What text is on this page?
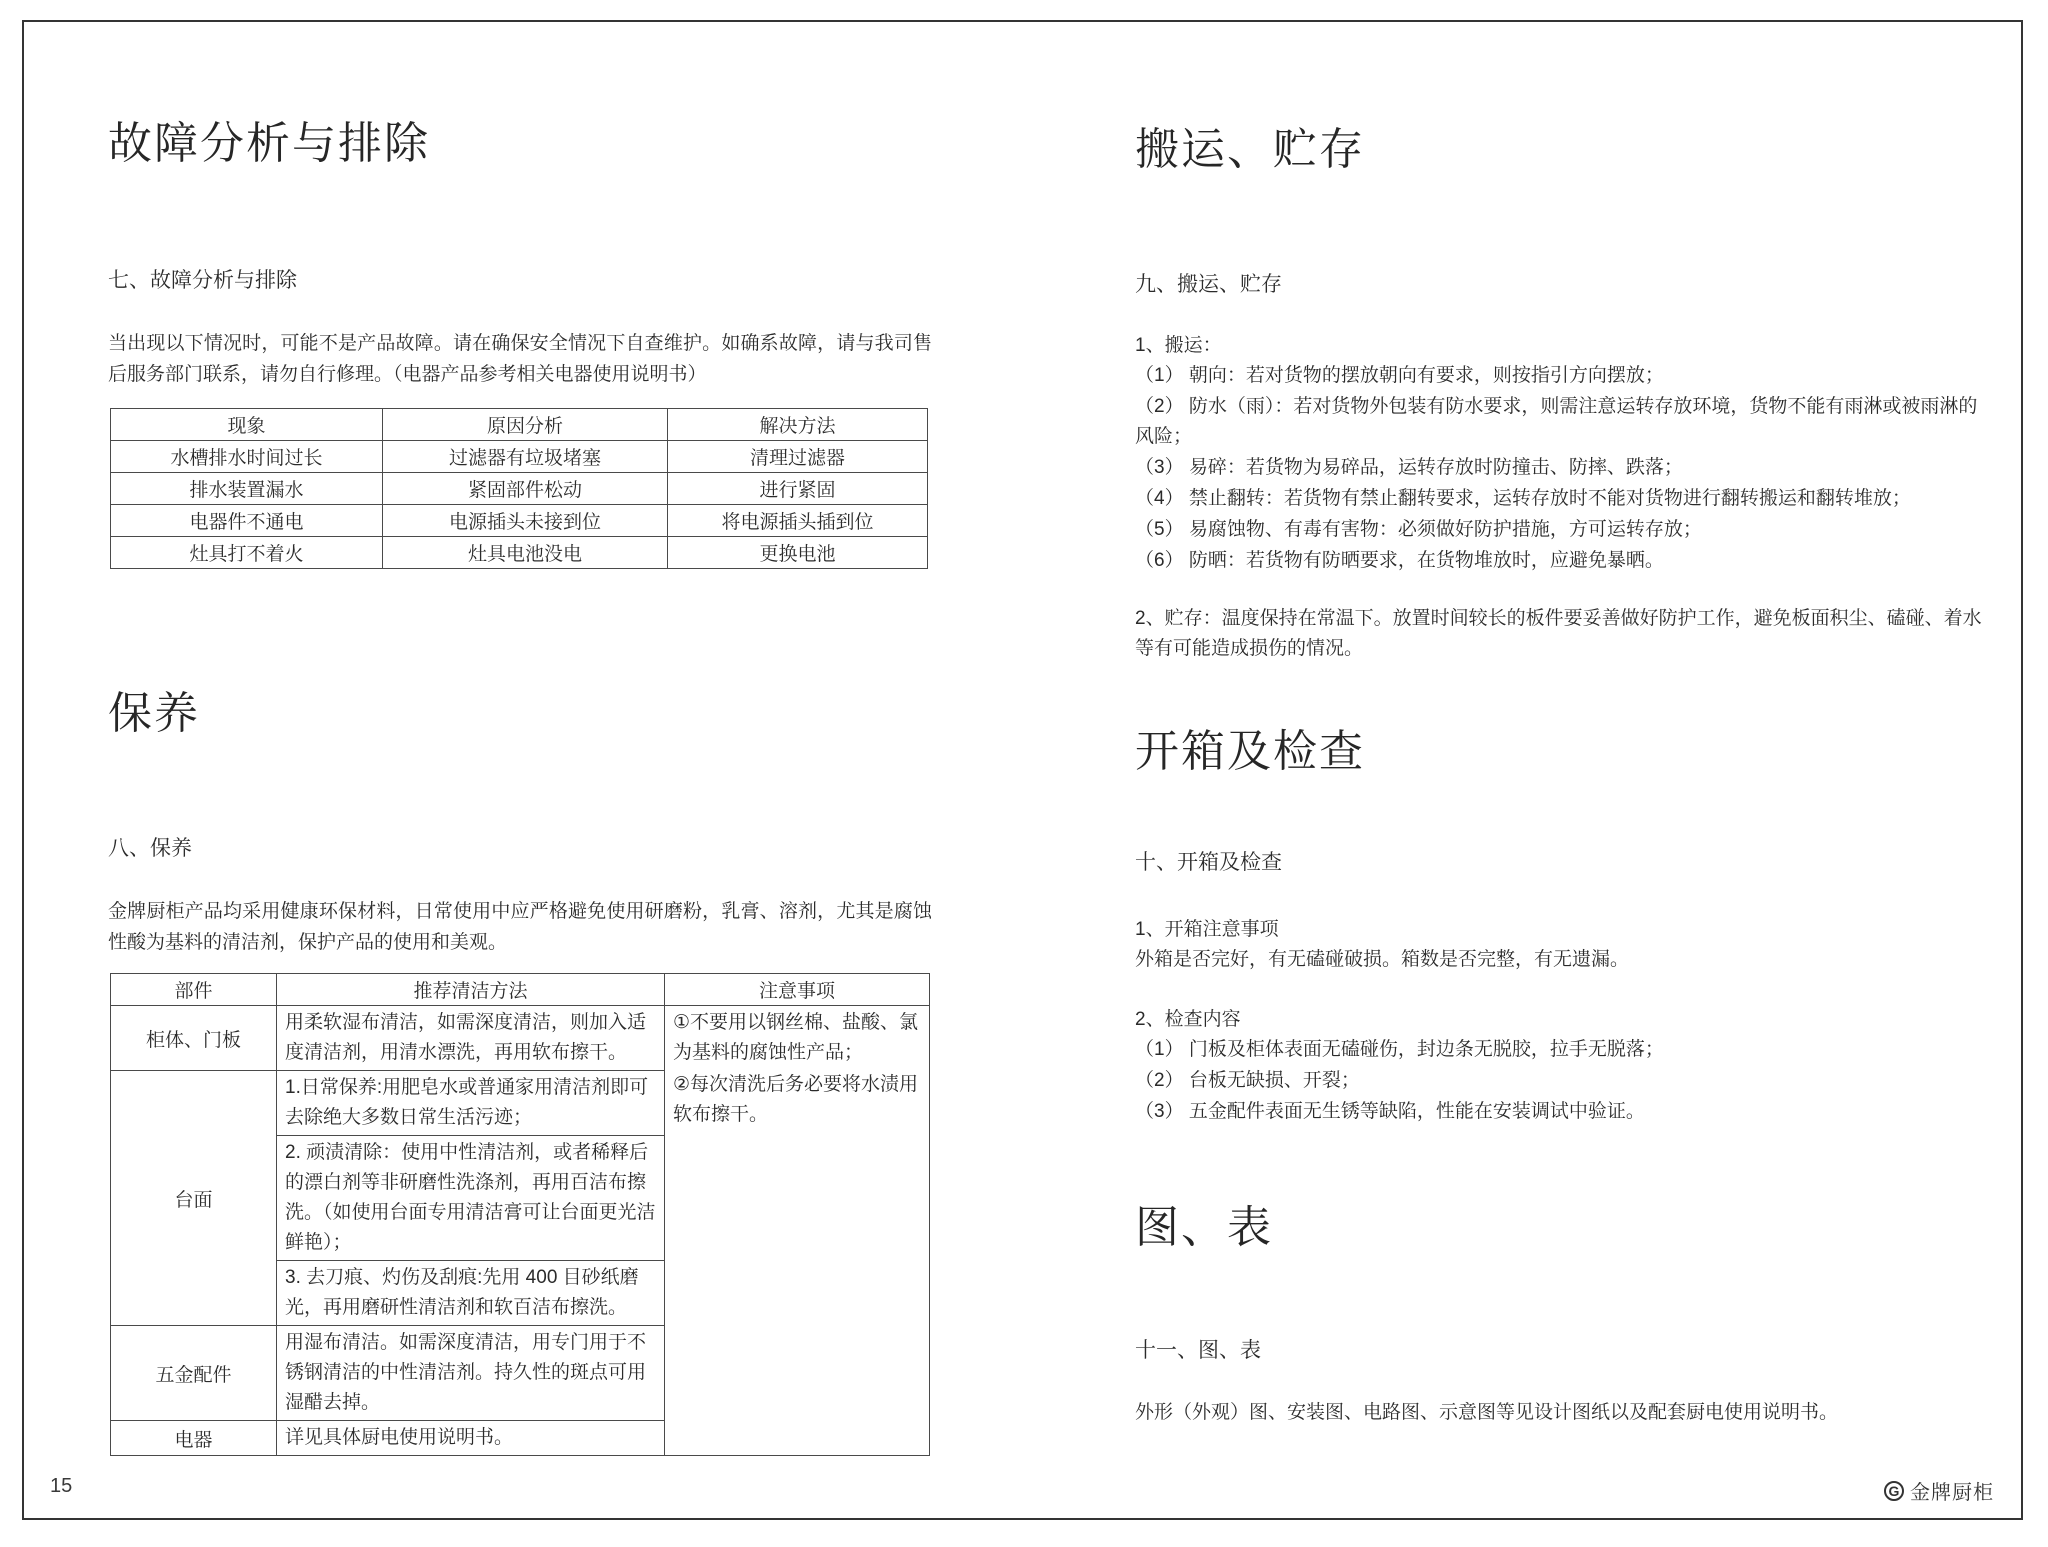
故障分析与排除
七、故障分析与排除
当出现以下情况时，可能不是产品故障。请在确保安全情况下自查维护。如确系故障，请与我司售后服务部门联系，请勿自行修理。（电器产品参考相关电器使用说明书）
现象	原因分析	解决方法
水槽排水时间过长	过滤器有垃圾堵塞	清理过滤器
排水装置漏水	紧固部件松动	进行紧固
电器件不通电	电源插头未接到位	将电源插头插到位
灶具打不着火	灶具电池没电	更换电池
保养
八、保养
金牌厨柜产品均采用健康环保材料，日常使用中应严格避免使用研磨粉，乳膏、溶剂，尤其是腐蚀性酸为基料的清洁剂，保护产品的使用和美观。
部件	推荐清洁方法	注意事项
柜体、门板	用柔软湿布清洁，如需深度清洁，则加入适度清洁剂，用清水漂洗，再用软布擦干。	①不要用以钢丝棉、盐酸、氯为基料的腐蚀性产品；

②每次清洗后务必要将水渍用软布擦干。

台面	1.日常保养:用肥皂水或普通家用清洁剂即可去除绝大多数日常生活污迹；	
	2. 顽渍清除：使用中性清洁剂，或者稀释后的漂白剂等非研磨性洗涤剂，再用百洁布擦洗。（如使用台面专用清洁膏可让台面更光洁鲜艳）；	
	3. 去刀痕、灼伤及刮痕:先用 400 目砂纸磨光，再用磨研性清洁剂和软百洁布擦洗。	
五金配件	用湿布清洁。如需深度清洁，用专门用于不锈钢清洁的中性清洁剂。持久性的斑点可用湿醋去掉。	
电器	详见具体厨电使用说明书。	
搬运、贮存
九、搬运、贮存
1、搬运：
（1） 朝向：若对货物的摆放朝向有要求，则按指引方向摆放；
（2） 防水（雨）：若对货物外包装有防水要求，则需注意运转存放环境，货物不能有雨淋或被雨淋的风险；
（3） 易碎：若货物为易碎品，运转存放时防撞击、防摔、跌落；
（4） 禁止翻转：若货物有禁止翻转要求，运转存放时不能对货物进行翻转搬运和翻转堆放；
（5） 易腐蚀物、有毒有害物：必须做好防护措施，方可运转存放；
（6） 防晒：若货物有防晒要求，在货物堆放时，应避免暴晒。
2、贮存：温度保持在常温下。放置时间较长的板件要妥善做好防护工作，避免板面积尘、磕碰、着水等有可能造成损伤的情况。
开箱及检查
十、开箱及检查
1、开箱注意事项
外箱是否完好，有无磕碰破损。箱数是否完整，有无遗漏。
2、检查内容
（1） 门板及柜体表面无磕碰伤，封边条无脱胶，拉手无脱落；
（2） 台板无缺损、开裂；
（3） 五金配件表面无生锈等缺陷，性能在安装调试中验证。
图、表
十一、图、表
外形（外观）图、安装图、电路图、示意图等见设计图纸以及配套厨电使用说明书。
15	G 金牌厨柜
